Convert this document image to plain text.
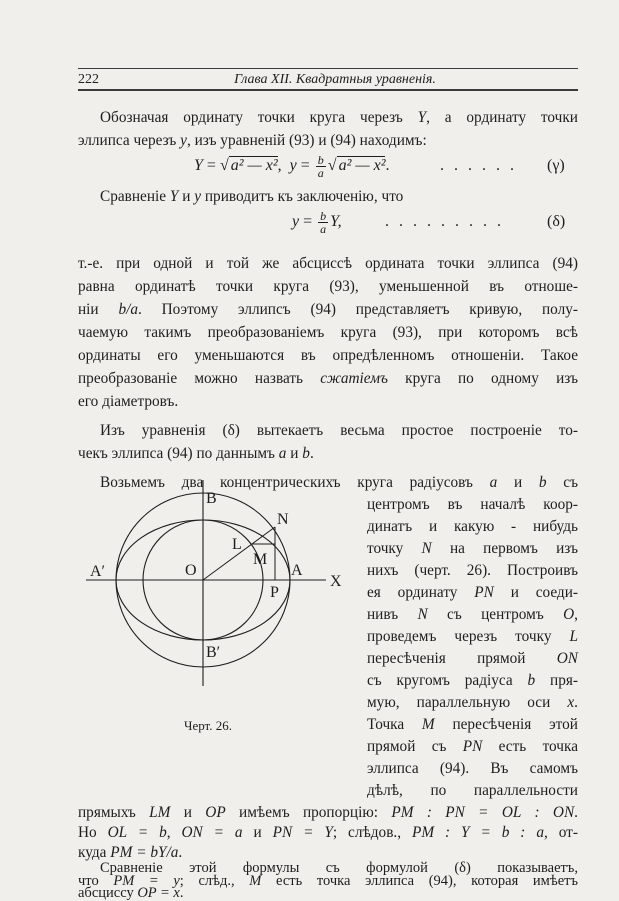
222	Глава XII. Квадратныя уравненія.
Обозначая ординату точки круга черезъ Y, а ординату точки
эллипса черезъ y, изъ уравненій (93) и (94) находимъ:
Y = √ a² — x², $y = \frac{b}{a}$ √ a² — x².	...... (γ)
Сравненіе Y и y приводитъ къ заключенію, что
$y = \frac{b}{a} Y$,	......... (δ)
т.-е. при одной и той же абсциссѣ ордината точки эллипса (94)
равна ординатѣ точки круга (93), уменьшенной въ отноше-
ніи b/a. Поэтому эллипсъ (94) представляетъ кривую, полу-
чаемую такимъ преобразованіемъ круга (93), при которомъ всѣ
ординаты его уменьшаются въ опредѣленномъ отношеніи. Такое
преобразованіе можно назвать сжатіемъ круга по одному изъ
его діаметровъ.
Изъ уравненія (δ) вытекаетъ весьма простое построеніе то-
чекъ эллипса (94) по даннымъ a и b.
Возьмемъ два концентрическихъ круга радіусовъ a и b съ
центромъ въ началѣ коор-
динатъ и какую - нибудь
точку N на первомъ изъ
нихъ (черт. 26). Построивъ
ея ординату PN и соеди-
нивъ N съ центромъ O,
проведемъ черезъ точку L
пересѣченія прямой ON
съ кругомъ радіуса b пря-
мую, параллельную оси x.
Точка M пересѣченія этой
прямой съ PN есть точка
эллипса (94). Въ самомъ
дѣлѣ, по параллельности
прямыхъ LM и OP имѣемъ пропорцію: PM : PN = OL : ON.
Но OL = b, ON = a и PN = Y; слѣдов., PM : Y = b : a, от-
куда PM = bY/a.
Сравненіе этой формулы съ формулой (δ) показываетъ,
что PM = y; слѣд., M есть точка эллипса (94), которая имѣетъ
абсциссу OP = x.
B
N
L
M
A′	O	A
X
P
B′
Черт. 26.
